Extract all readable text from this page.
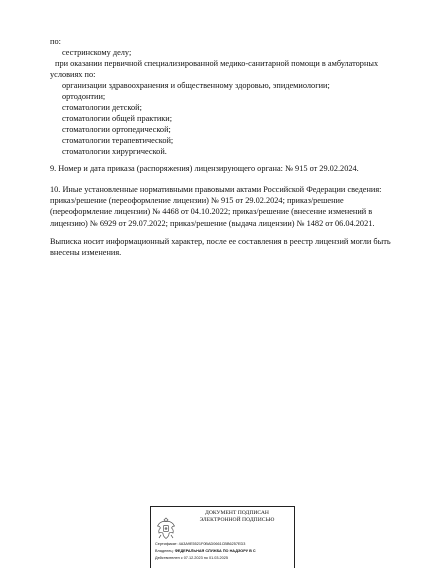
по:
сестринскому делу;
при оказании первичной специализированной медико-санитарной помощи в амбулаторных
условиях по:
организации здравоохранения и общественному здоровью, эпидемиологии;
ортодонтии;
стоматологии детской;
стоматологии общей практики;
стоматологии ортопедической;
стоматологии терапевтической;
стоматологии хирургической.
9. Номер и дата приказа (распоряжения) лицензирующего органа: № 915 от 29.02.2024.
10. Иные установленные нормативными правовыми актами Российской Федерации сведения:
приказ/решение (переоформление лицензии) № 915 от 29.02.2024; приказ/решение
(переоформление лицензии) № 4468 от 04.10.2022; приказ/решение (внесение изменений в
лицензию) № 6929 от 29.07.2022; приказ/решение (выдача лицензии) № 1482 от 06.04.2021.
Выписка носит информационный характер, после ее составления в реестр лицензий могли быть
внесены изменения.
ДОКУМЕНТ ПОДПИСАН
ЭЛЕКТРОННОЙ ПОДПИСЬЮ
Сертификат: 4A3A9E5521F0BAD0661CBB6257ED3
Владелец: ФЕДЕРАЛЬНАЯ СЛУЖБА ПО НАДЗОРУ В С
Действителен с 07.12.2023 по 01.03.2025
